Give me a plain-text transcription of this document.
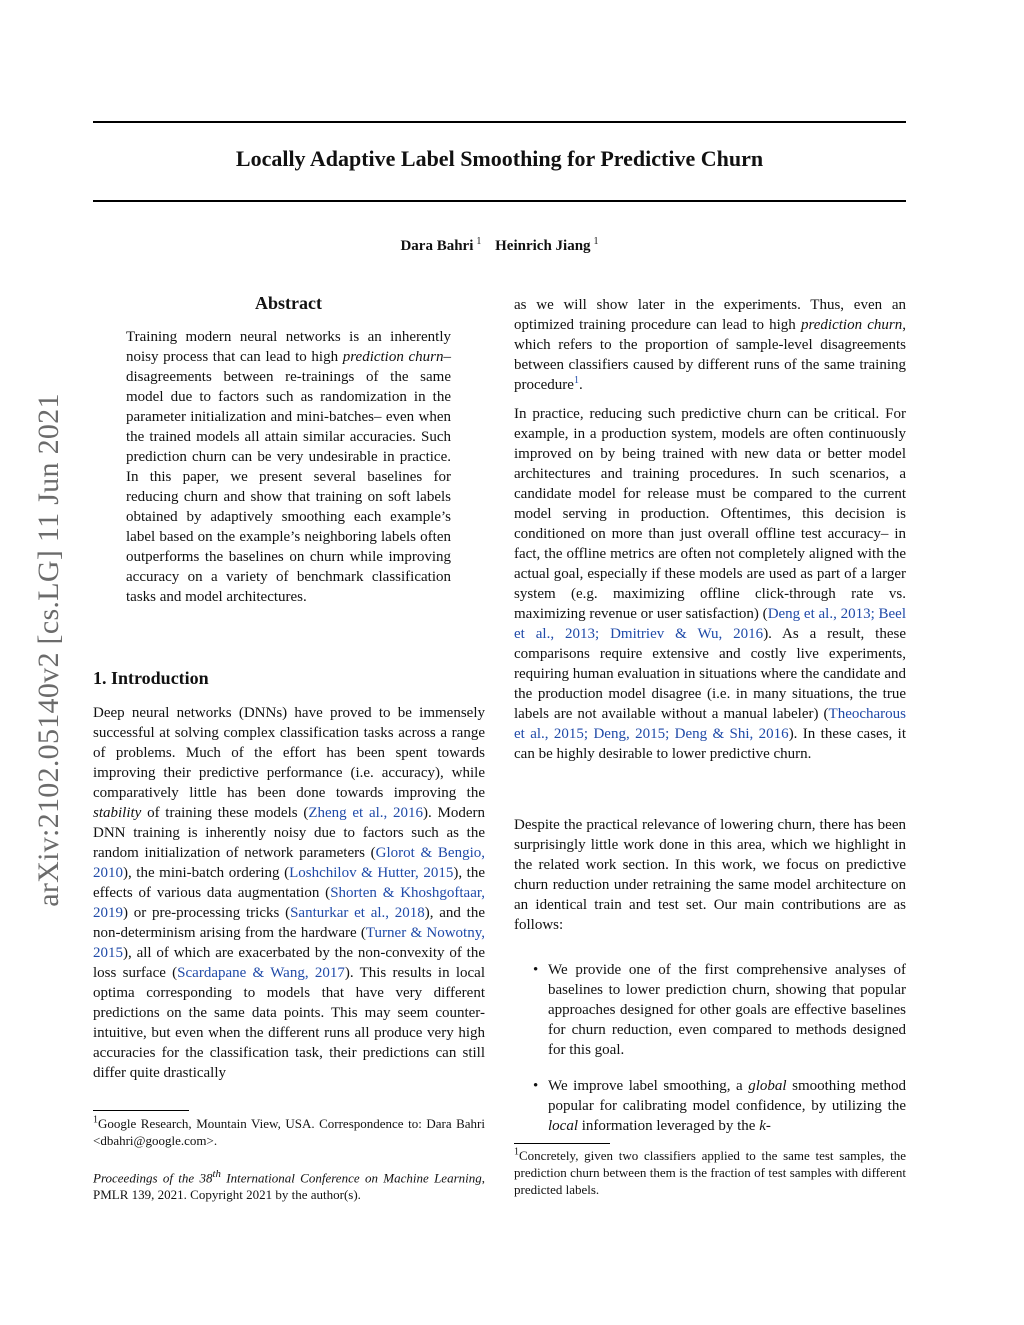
Locally Adaptive Label Smoothing for Predictive Churn
Dara Bahri $^1$ Heinrich Jiang $^1$
arXiv:2102.05140v2 [cs.LG] 11 Jun 2021
Abstract
Training modern neural networks is an inherently noisy process that can lead to high prediction churn– disagreements between re-trainings of the same model due to factors such as randomization in the parameter initialization and mini-batches– even when the trained models all attain similar accuracies. Such prediction churn can be very undesirable in practice. In this paper, we present several baselines for reducing churn and show that training on soft labels obtained by adaptively smoothing each example’s label based on the example’s neighboring labels often outperforms the baselines on churn while improving accuracy on a variety of benchmark classification tasks and model architectures.
1. Introduction
Deep neural networks (DNNs) have proved to be immensely successful at solving complex classification tasks across a range of problems. Much of the effort has been spent towards improving their predictive performance (i.e. accuracy), while comparatively little has been done towards improving the stability of training these models (Zheng et al., 2016). Modern DNN training is inherently noisy due to factors such as the random initialization of network parameters (Glorot & Bengio, 2010), the mini-batch ordering (Loshchilov & Hutter, 2015), the effects of various data augmentation (Shorten & Khoshgoftaar, 2019) or pre-processing tricks (Santurkar et al., 2018), and the non-determinism arising from the hardware (Turner & Nowotny, 2015), all of which are exacerbated by the non-convexity of the loss surface (Scardapane & Wang, 2017). This results in local optima corresponding to models that have very different predictions on the same data points. This may seem counter-intuitive, but even when the different runs all produce very high accuracies for the classification task, their predictions can still differ quite drastically
$^1$Google Research, Mountain View, USA. Correspondence to: Dara Bahri <dbahri@google.com>.
Proceedings of the 38th International Conference on Machine Learning, PMLR 139, 2021. Copyright 2021 by the author(s).

as we will show later in the experiments. Thus, even an optimized training procedure can lead to high prediction churn, which refers to the proportion of sample-level disagreements between classifiers caused by different runs of the same training procedure$^1$.

In practice, reducing such predictive churn can be critical. For example, in a production system, models are often continuously improved on by being trained with new data or better model architectures and training procedures. In such scenarios, a candidate model for release must be compared to the current model serving in production. Oftentimes, this decision is conditioned on more than just overall offline test accuracy– in fact, the offline metrics are often not completely aligned with the actual goal, especially if these models are used as part of a larger system (e.g. maximizing offline click-through rate vs. maximizing revenue or user satisfaction) (Deng et al., 2013; Beel et al., 2013; Dmitriev & Wu, 2016). As a result, these comparisons require extensive and costly live experiments, requiring human evaluation in situations where the candidate and the production model disagree (i.e. in many situations, the true labels are not available without a manual labeler) (Theocharous et al., 2015; Deng, 2015; Deng & Shi, 2016). In these cases, it can be highly desirable to lower predictive churn.

Despite the practical relevance of lowering churn, there has been surprisingly little work done in this area, which we highlight in the related work section. In this work, we focus on predictive churn reduction under retraining the same model architecture on an identical train and test set. Our main contributions are as follows:

• We provide one of the first comprehensive analyses of baselines to lower prediction churn, showing that popular approaches designed for other goals are effective baselines for churn reduction, even compared to methods designed for this goal.
• We improve label smoothing, a global smoothing method popular for calibrating model confidence, by utilizing the local information leveraged by the k-
$^1$Concretely, given two classifiers applied to the same test samples, the prediction churn between them is the fraction of test samples with different predicted labels.
